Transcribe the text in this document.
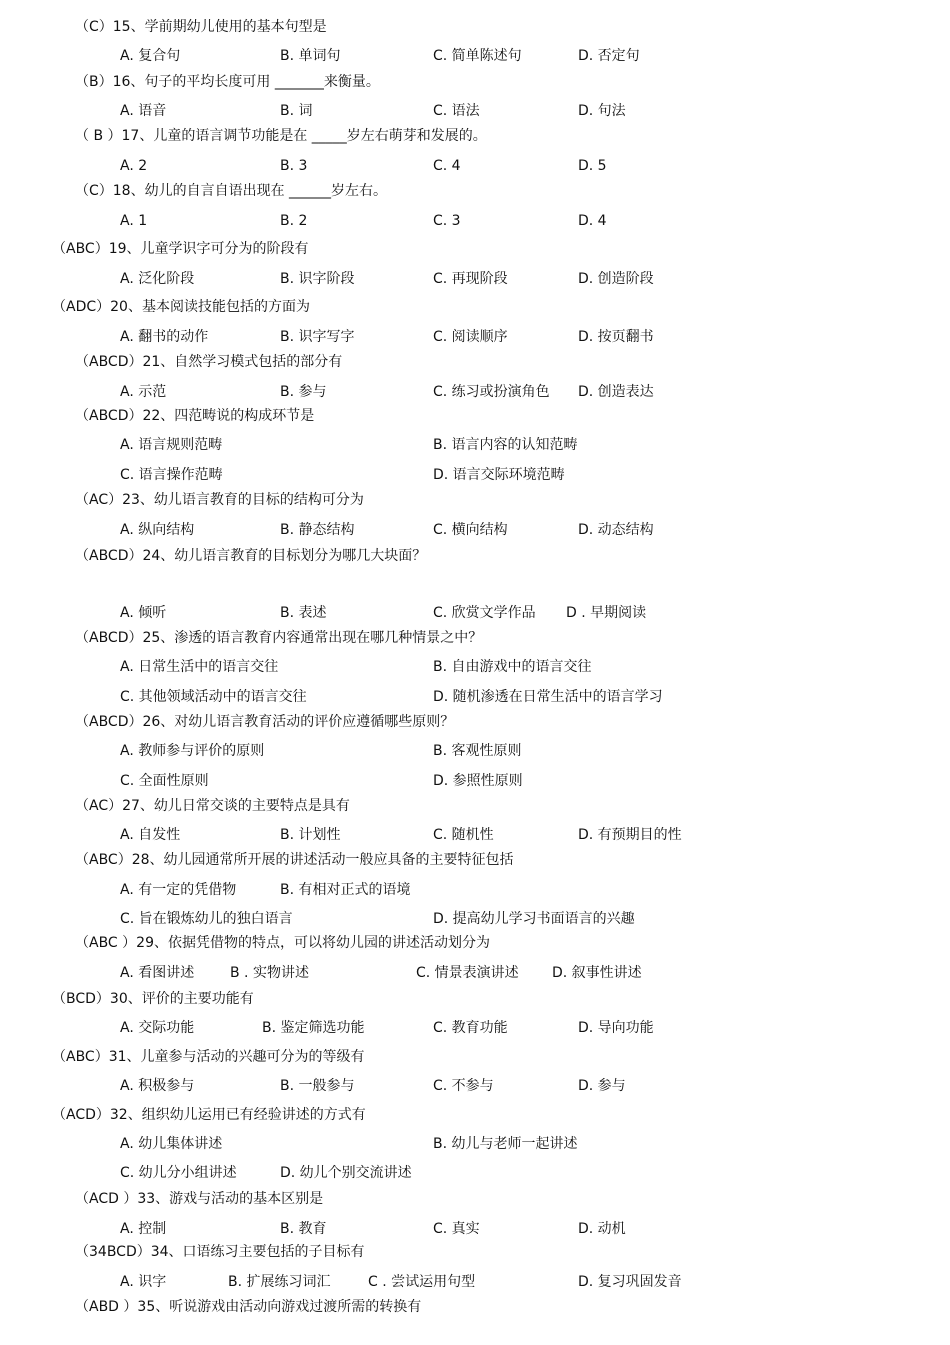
（C）15、学前期幼儿使用的基本句型是
A. 复合句	B. 单词句	C. 简单陈述句	D. 否定句
（B）16、句子的平均长度可用 _______来衡量。
A. 语音	B. 词	C. 语法	D. 句法
（ B ）17、儿童的语言调节功能是在 _____岁左右萌芽和发展的。
A. 2	B. 3	C. 4	D. 5
（C）18、幼儿的自言自语出现在 ______岁左右。
A. 1	B. 2	C. 3	D. 4
（ABC）19、儿童学识字可分为的阶段有
A. 泛化阶段	B. 识字阶段	C. 再现阶段	D. 创造阶段
（ADC）20、基本阅读技能包括的方面为
A. 翻书的动作	B. 识字写字	C. 阅读顺序	D. 按页翻书
（ABCD）21、自然学习模式包括的部分有
A. 示范	B. 参与	C. 练习或扮演角色 D. 创造表达
（ABCD）22、四范畴说的构成环节是
A. 语言规则范畴	B. 语言内容的认知范畴
C. 语言操作范畴	D. 语言交际环境范畴
（AC）23、幼儿语言教育的目标的结构可分为
A. 纵向结构	B. 静态结构	C. 横向结构	D. 动态结构
（ABCD）24、幼儿语言教育的目标划分为哪几大块面？
A. 倾听	B. 表述	C. 欣赏文学作品 D . 早期阅读
（ABCD）25、渗透的语言教育内容通常出现在哪几种情景之中？
A. 日常生活中的语言交往	B. 自由游戏中的语言交往
C. 其他领域活动中的语言交往	D. 随机渗透在日常生活中的语言学习
（ABCD）26、对幼儿语言教育活动的评价应遵循哪些原则？
A. 教师参与评价的原则	B. 客观性原则
C. 全面性原则	D. 参照性原则
（AC）27、幼儿日常交谈的主要特点是具有
A. 自发性	B. 计划性	C. 随机性	D. 有预期目的性
（ABC）28、幼儿园通常所开展的讲述活动一般应具备的主要特征包括
A. 有一定的凭借物	B. 有相对正式的语境
C. 旨在锻炼幼儿的独白语言	D. 提高幼儿学习书面语言的兴趣
（ABC ）29、依据凭借物的特点，可以将幼儿园的讲述活动划分为
A. 看图讲述	B . 实物讲述	C. 情景表演讲述 D. 叙事性讲述
（BCD）30、评价的主要功能有
A. 交际功能	B. 鉴定筛选功能	C. 教育功能	D. 导向功能
（ABC）31、儿童参与活动的兴趣可分为的等级有
A. 积极参与	B. 一般参与	C. 不参与	D. 参与
（ACD）32、组织幼儿运用已有经验讲述的方式有
A. 幼儿集体讲述	B. 幼儿与老师一起讲述
C. 幼儿分小组讲述	D. 幼儿个别交流讲述
（ACD ）33、游戏与活动的基本区别是
A. 控制	B. 教育	C. 真实	D. 动机
（34BCD）34、口语练习主要包括的子目标有
A. 识字	B. 扩展练习词汇	C . 尝试运用句型	D. 复习巩固发音
（ABD ）35、听说游戏由活动向游戏过渡所需的转换有
